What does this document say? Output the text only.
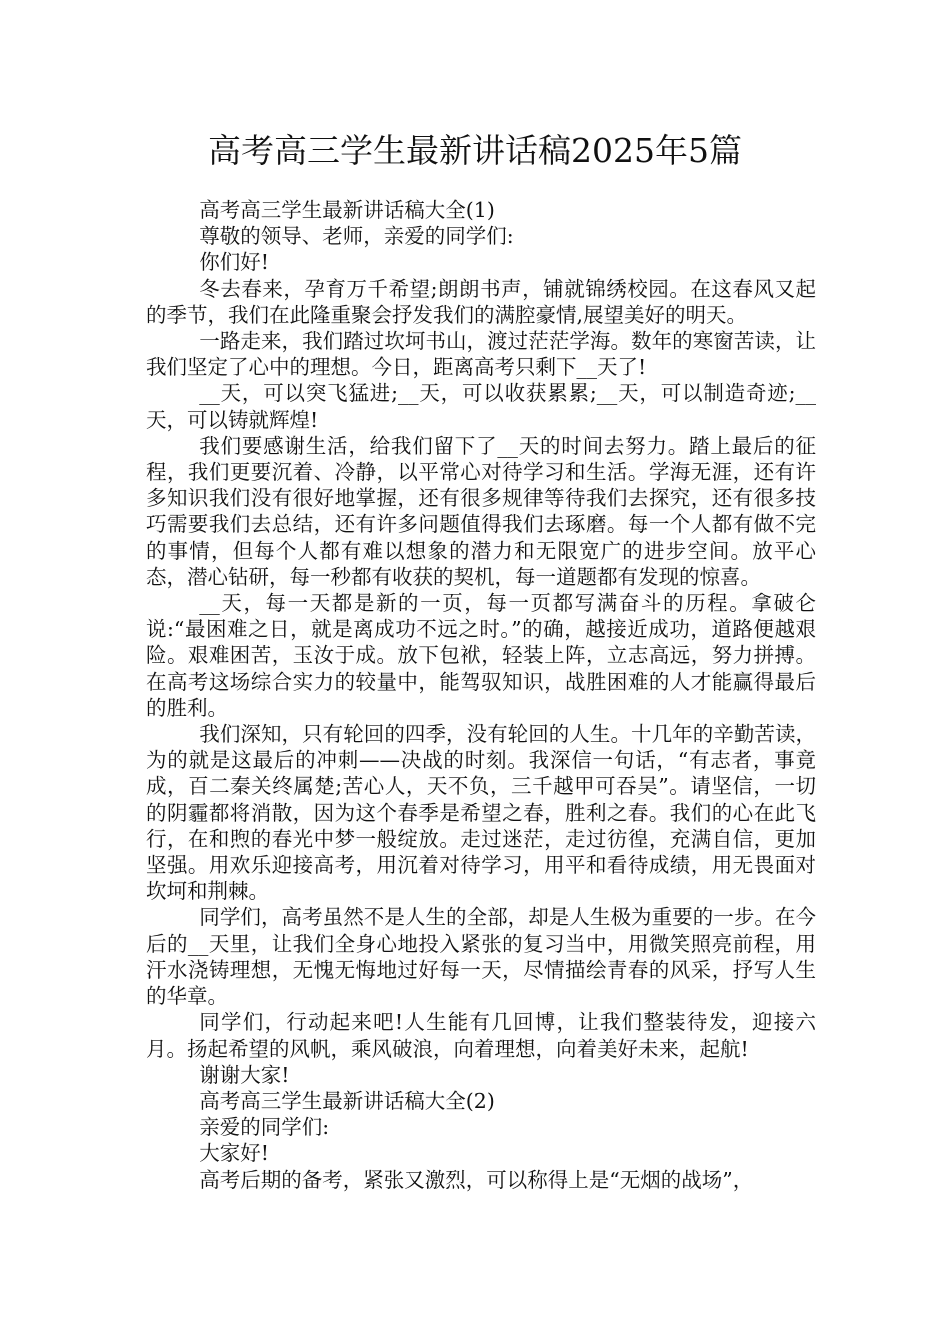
高考高三学生最新讲话稿2025年5篇

高考高三学生最新讲话稿大全(1)

尊敬的领导、老师，亲爱的同学们:

你们好!

冬去春来，孕育万千希望;朗朗书声，铺就锦绣校园。在这春风又起的季节，我们在此隆重聚会抒发我们的满腔豪情,展望美好的明天。

一路走来，我们踏过坎坷书山，渡过茫茫学海。数年的寒窗苦读，让我们坚定了心中的理想。今日，距离高考只剩下__天了!

__天，可以突飞猛进;__天，可以收获累累;__天，可以制造奇迹;__天，可以铸就辉煌!

我们要感谢生活，给我们留下了__天的时间去努力。踏上最后的征程，我们更要沉着、冷静，以平常心对待学习和生活。学海无涯，还有许多知识我们没有很好地掌握，还有很多规律等待我们去探究，还有很多技巧需要我们去总结，还有许多问题值得我们去琢磨。每一个人都有做不完的事情，但每个人都有难以想象的潜力和无限宽广的进步空间。放平心态，潜心钻研，每一秒都有收获的契机，每一道题都有发现的惊喜。

__天，每一天都是新的一页，每一页都写满奋斗的历程。拿破仑说:“最困难之日，就是离成功不远之时。”的确，越接近成功，道路便越艰险。艰难困苦，玉汝于成。放下包袱，轻装上阵，立志高远，努力拼搏。在高考这场综合实力的较量中，能驾驭知识，战胜困难的人才能赢得最后的胜利。

我们深知，只有轮回的四季，没有轮回的人生。十几年的辛勤苦读，为的就是这最后的冲刺——决战的时刻。我深信一句话，“有志者，事竟成，百二秦关终属楚;苦心人，天不负，三千越甲可吞吴”。请坚信，一切的阴霾都将消散，因为这个春季是希望之春，胜利之春。我们的心在此飞行，在和煦的春光中梦一般绽放。走过迷茫，走过彷徨，充满自信，更加坚强。用欢乐迎接高考，用沉着对待学习，用平和看待成绩，用无畏面对坎坷和荆棘。

同学们，高考虽然不是人生的全部，却是人生极为重要的一步。在今后的__天里，让我们全身心地投入紧张的复习当中，用微笑照亮前程，用汗水浇铸理想，无愧无悔地过好每一天，尽情描绘青春的风采，抒写人生的华章。

同学们，行动起来吧!人生能有几回博，让我们整装待发，迎接六月。扬起希望的风帆，乘风破浪，向着理想，向着美好未来，起航!

谢谢大家!

高考高三学生最新讲话稿大全(2)

亲爱的同学们:

大家好!

高考后期的备考，紧张又激烈，可以称得上是“无烟的战场”，
